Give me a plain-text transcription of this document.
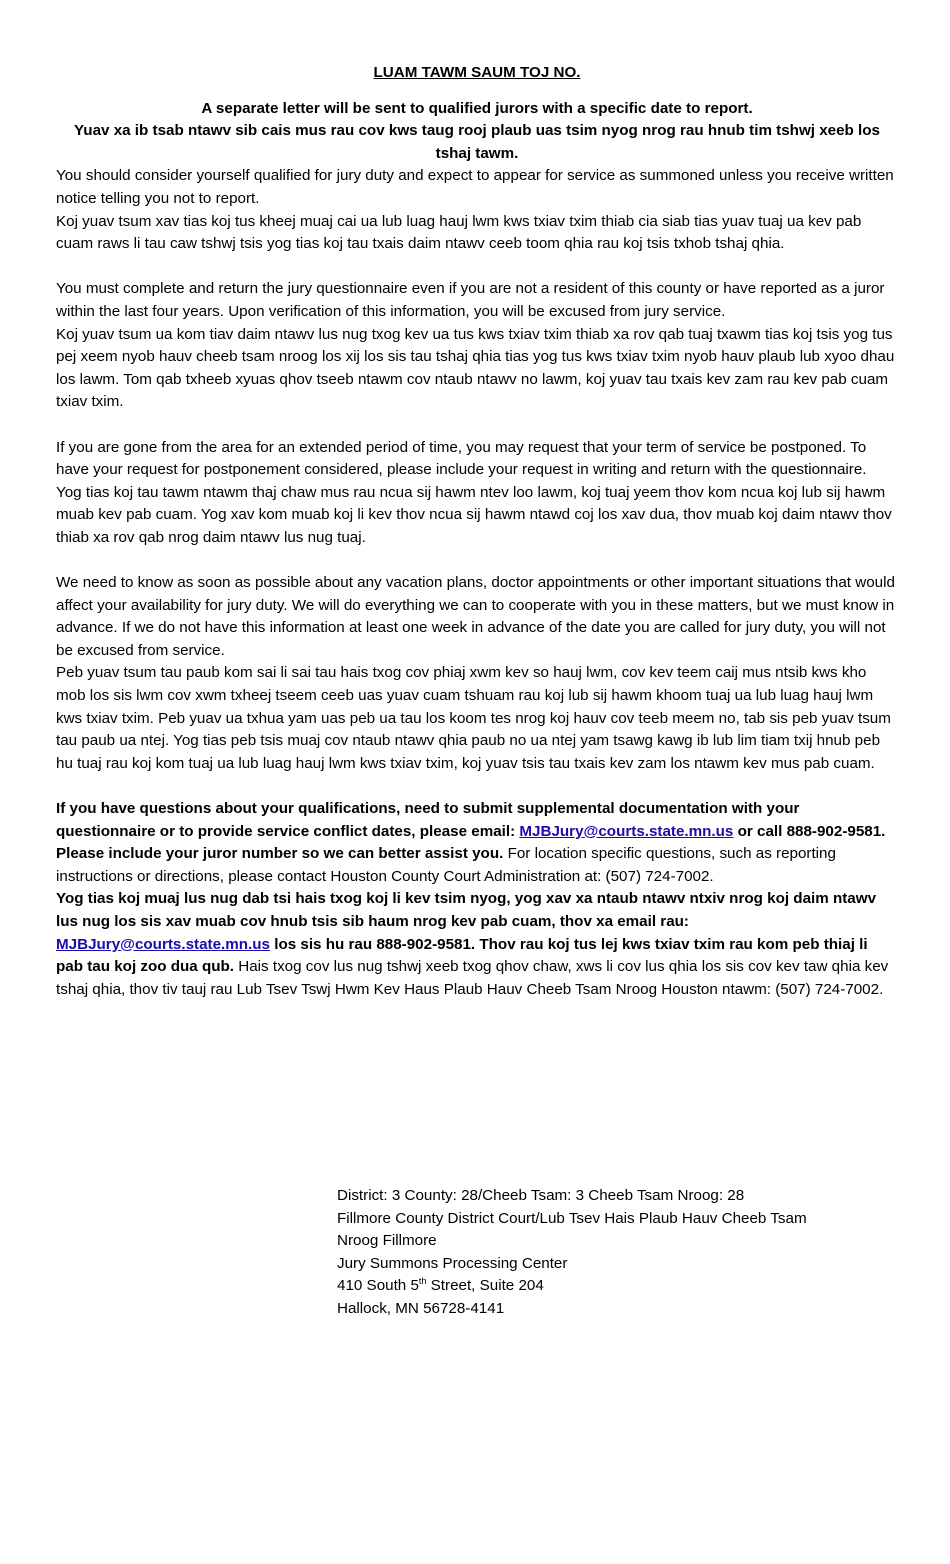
LUAM TAWM SAUM TOJ NO.

A separate letter will be sent to qualified jurors with a specific date to report.

Yuav xa ib tsab ntawv sib cais mus rau cov kws taug rooj plaub uas tsim nyog nrog rau hnub tim tshwj xeeb los tshaj tawm.

You should consider yourself qualified for jury duty and expect to appear for service as summoned unless you receive written notice telling you not to report.

Koj yuav tsum xav tias koj tus kheej muaj cai ua lub luag hauj lwm kws txiav txim thiab cia siab tias yuav tuaj ua kev pab cuam raws li tau caw tshwj tsis yog tias koj tau txais daim ntawv ceeb toom qhia rau koj tsis txhob tshaj qhia.

You must complete and return the jury questionnaire even if you are not a resident of this county or have reported as a juror within the last four years. Upon verification of this information, you will be excused from jury service.

Koj yuav tsum ua kom tiav daim ntawv lus nug txog kev ua tus kws txiav txim thiab xa rov qab tuaj txawm tias koj tsis yog tus pej xeem nyob hauv cheeb tsam nroog los xij los sis tau tshaj qhia tias yog tus kws txiav txim nyob hauv plaub lub xyoo dhau los lawm. Tom qab txheeb xyuas qhov tseeb ntawm cov ntaub ntawv no lawm, koj yuav tau txais kev zam rau kev pab cuam txiav txim.

If you are gone from the area for an extended period of time, you may request that your term of service be postponed. To have your request for postponement considered, please include your request in writing and return with the questionnaire.

Yog tias koj tau tawm ntawm thaj chaw mus rau ncua sij hawm ntev loo lawm, koj tuaj yeem thov kom ncua koj lub sij hawm muab kev pab cuam. Yog xav kom muab koj li kev thov ncua sij hawm ntawd coj los xav dua, thov muab koj daim ntawv thov thiab xa rov qab nrog daim ntawv lus nug tuaj.

We need to know as soon as possible about any vacation plans, doctor appointments or other important situations that would affect your availability for jury duty. We will do everything we can to cooperate with you in these matters, but we must know in advance. If we do not have this information at least one week in advance of the date you are called for jury duty, you will not be excused from service.

Peb yuav tsum tau paub kom sai li sai tau hais txog cov phiaj xwm kev so hauj lwm, cov kev teem caij mus ntsib kws kho mob los sis lwm cov xwm txheej tseem ceeb uas yuav cuam tshuam rau koj lub sij hawm khoom tuaj ua lub luag hauj lwm kws txiav txim. Peb yuav ua txhua yam uas peb ua tau los koom tes nrog koj hauv cov teeb meem no, tab sis peb yuav tsum tau paub ua ntej. Yog tias peb tsis muaj cov ntaub ntawv qhia paub no ua ntej yam tsawg kawg ib lub lim tiam txij hnub peb hu tuaj rau koj kom tuaj ua lub luag hauj lwm kws txiav txim, koj yuav tsis tau txais kev zam los ntawm kev mus pab cuam.

If you have questions about your qualifications, need to submit supplemental documentation with your questionnaire or to provide service conflict dates, please email: MJBJury@courts.state.mn.us or call 888-902-9581. Please include your juror number so we can better assist you. For location specific questions, such as reporting instructions or directions, please contact Houston County Court Administration at: (507) 724-7002.

Yog tias koj muaj lus nug dab tsi hais txog koj li kev tsim nyog, yog xav xa ntaub ntawv ntxiv nrog koj daim ntawv lus nug los sis xav muab cov hnub tsis sib haum nrog kev pab cuam, thov xa email rau: MJBJury@courts.state.mn.us los sis hu rau 888-902-9581. Thov rau koj tus lej kws txiav txim rau kom peb thiaj li pab tau koj zoo dua qub. Hais txog cov lus nug tshwj xeeb txog qhov chaw, xws li cov lus qhia los sis cov kev taw qhia kev tshaj qhia, thov tiv tauj rau Lub Tsev Tswj Hwm Kev Haus Plaub Hauv Cheeb Tsam Nroog Houston ntawm: (507) 724-7002.

District: 3 County: 28/Cheeb Tsam: 3 Cheeb Tsam Nroog: 28

Fillmore County District Court/Lub Tsev Hais Plaub Hauv Cheeb Tsam

Nroog Fillmore

Jury Summons Processing Center

410 South 5th Street, Suite 204

Hallock, MN 56728-4141
